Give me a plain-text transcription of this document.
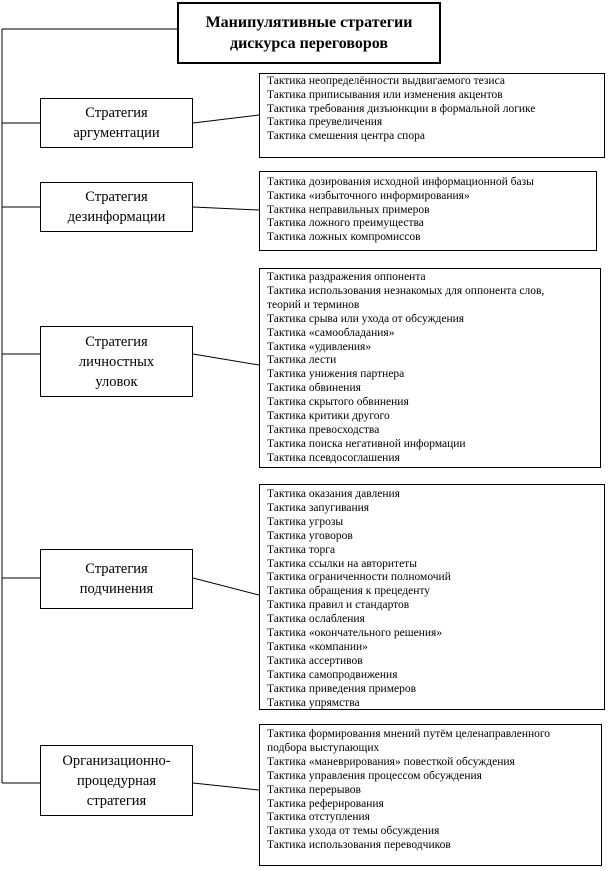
Манипулятивные стратегии дискурса переговоров
Стратегия аргументации
Тактика неопределённости выдвигаемого тезиса
Тактика приписывания или изменения акцентов
Тактика требования дизъюнкции в формальной логике
Тактика преувеличения
Тактика смешения центра спора
Стратегия дезинформации
Тактика дозирования исходной информационной базы
Тактика «избыточного информирования»
Тактика неправильных примеров
Тактика ложного преимущества
Тактика ложных компромиссов
Стратегия личностных уловок
Тактика раздражения оппонента
Тактика использования незнакомых для оппонента слов, теорий и терминов
Тактика срыва или ухода от обсуждения
Тактика «самообладания»
Тактика «удивления»
Тактика лести
Тактика унижения партнера
Тактика обвинения
Тактика скрытого обвинения
Тактика критики другого
Тактика превосходства
Тактика поиска негативной информации
Тактика псевдосоглашения
Стратегия подчинения
Тактика оказания давления
Тактика запугивания
Тактика угрозы
Тактика уговоров
Тактика торга
Тактика ссылки на авторитеты
Тактика ограниченности полномочий
Тактика обращения к прецеденту
Тактика правил и стандартов
Тактика ослабления
Тактика «окончательного решения»
Тактика «компании»
Тактика ассертивов
Тактика самопродвижения
Тактика приведения примеров
Тактика упрямства
Организационно-процедурная стратегия
Тактика формирования мнений путём целенаправленного подбора выступающих
Тактика «маневрирования» повесткой обсуждения
Тактика управления процессом обсуждения
Тактика перерывов
Тактика реферирования
Тактика отступления
Тактика ухода от темы обсуждения
Тактика использования переводчиков
